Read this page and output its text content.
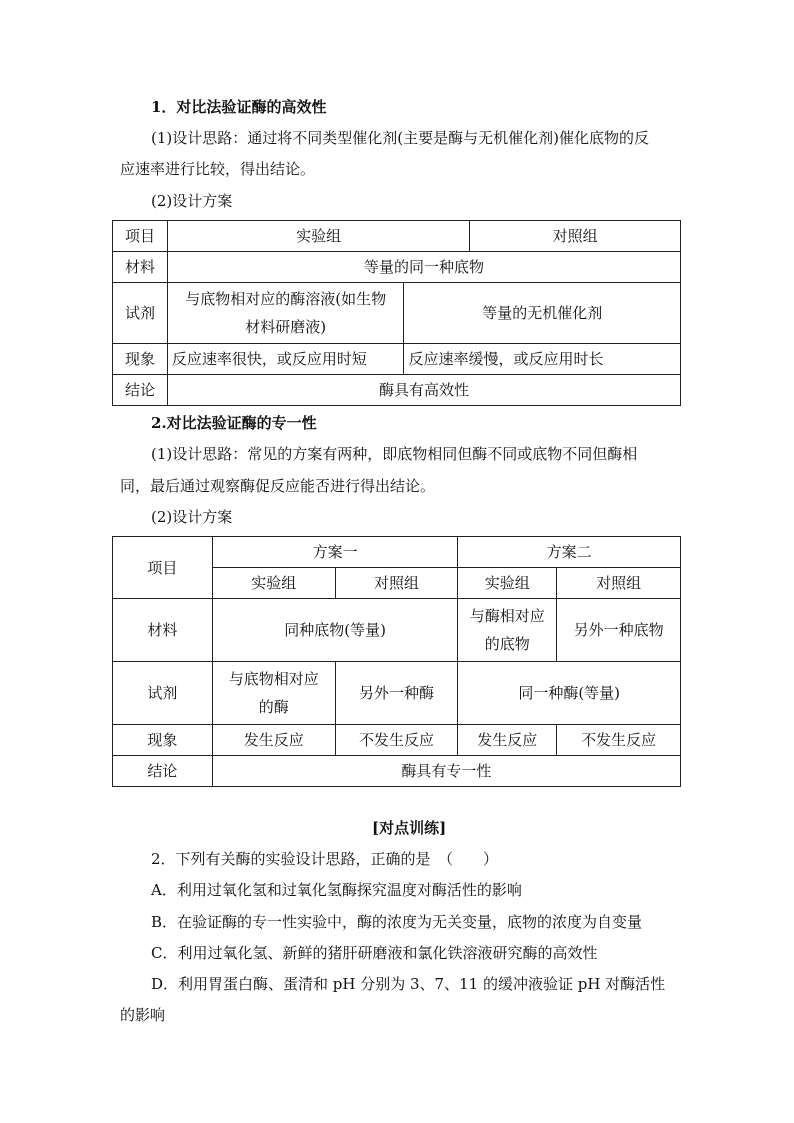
1．对比法验证酶的高效性
(1)设计思路：通过将不同类型催化剂(主要是酶与无机催化剂)催化底物的反
应速率进行比较，得出结论。
(2)设计方案
项目	实验组		对照组
材料	等量的同一种底物		
试剂	与底物相对应的酶溶液(如生物
材料研磨液)	等量的无机催化剂	
现象	反应速率很快，或反应用时短	反应速率缓慢，或反应用时长	
结论	酶具有高效性		
2.对比法验证酶的专一性
(1)设计思路：常见的方案有两种，即底物相同但酶不同或底物不同但酶相
同，最后通过观察酶促反应能否进行得出结论。
(2)设计方案
项目	方案一		方案二	
	实验组	对照组	实验组	对照组
材料	同种底物(等量)		与酶相对应
的底物	另外一种底物
试剂	与底物相对应
的酶	另外一种酶	同一种酶(等量)	
现象	发生反应	不发生反应	发生反应	不发生反应
结论	酶具有专一性			
[对点训练]
2．下列有关酶的实验设计思路，正确的是　（　　）
A．利用过氧化氢和过氧化氢酶探究温度对酶活性的影响
B．在验证酶的专一性实验中，酶的浓度为无关变量，底物的浓度为自变量
C．利用过氧化氢、新鲜的猪肝研磨液和氯化铁溶液研究酶的高效性
D．利用胃蛋白酶、蛋清和 pH 分别为 3、7、11 的缓冲液验证 pH 对酶活性
的影响
